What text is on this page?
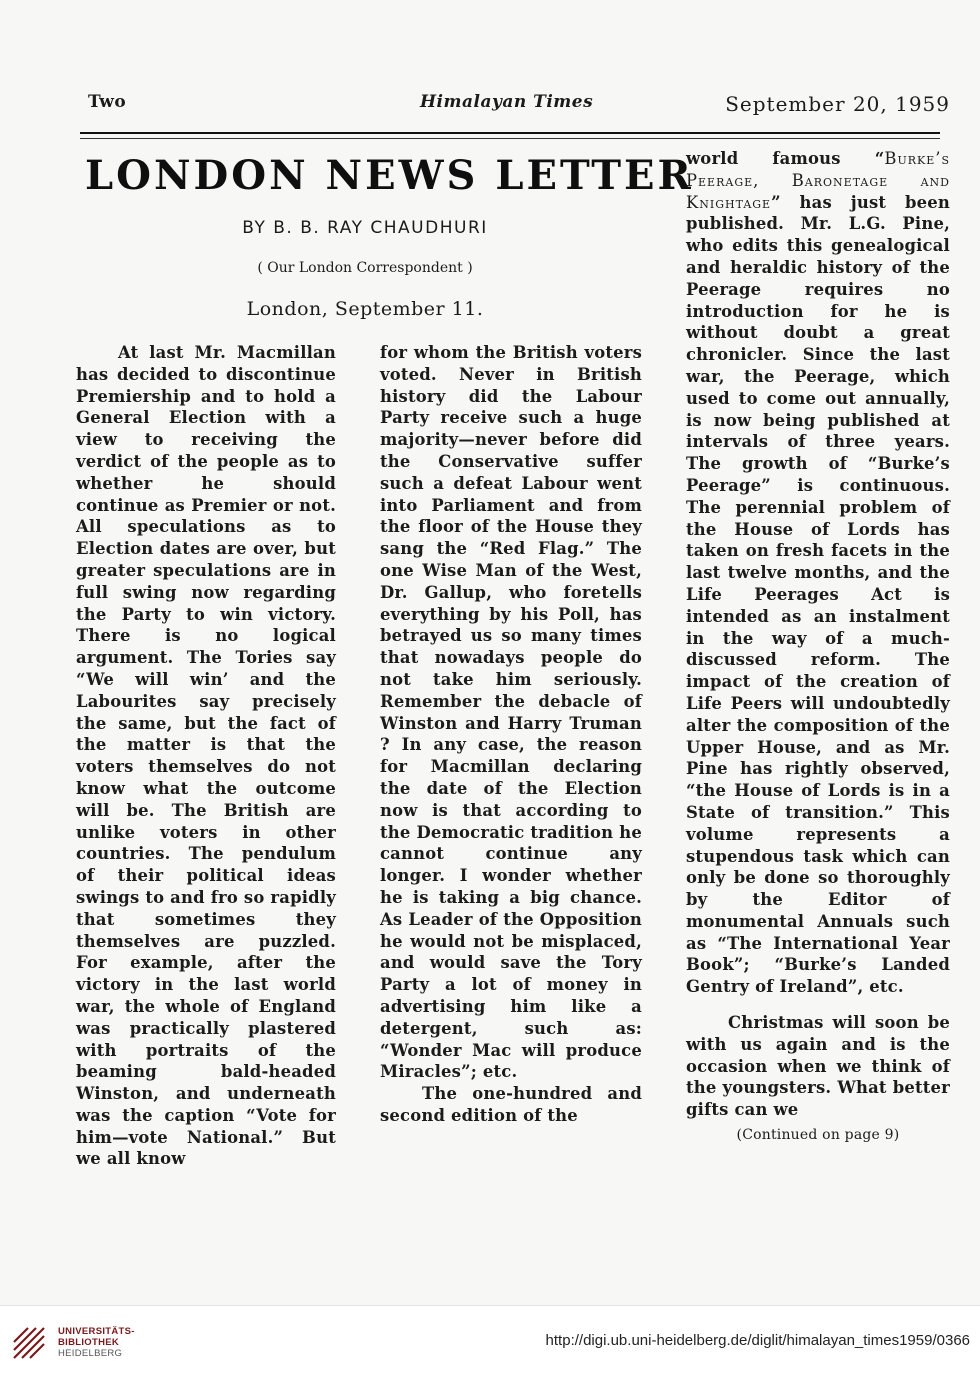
Two	Himalayan Times	September 20, 1959
LONDON NEWS LETTER
BY B. B. RAY CHAUDHURI
( Our London Correspondent )
London, September 11.

At last Mr. Macmillan has decided to discontinue Premiership and to hold a General Election with a view to receiving the verdict of the people as to whether he should continue as Premier or not. All speculations as to Election dates are over, but greater speculations are in full swing now regarding the Party to win victory. There is no logical argument. The Tories say “We will win’ and the Labourites say precisely the same, but the fact of the matter is that the voters themselves do not know what the outcome will be. The British are unlike voters in other countries. The pendulum of their political ideas swings to and fro so rapidly that sometimes they themselves are puzzled. For example, after the victory in the last world war, the whole of England was practically plastered with portraits of the beaming bald-headed Winston, and underneath was the caption “Vote for him—vote National.” But we all know

for whom the British voters voted. Never in British history did the Labour Party receive such a huge majority—never before did the Conservative suffer such a defeat Labour went into Parliament and from the floor of the House they sang the “Red Flag.” The one Wise Man of the West, Dr. Gallup, who foretells everything by his Poll, has betrayed us so many times that nowadays people do not take him seriously. Remember the debacle of Winston and Harry Truman ? In any case, the reason for Macmillan declaring the date of the Election now is that according to the Democratic tradition he cannot continue any longer. I wonder whether he is taking a big chance. As Leader of the Opposition he would not be misplaced, and would save the Tory Party a lot of money in advertising him like a detergent, such as: “Wonder Mac will produce Miracles”; etc.

The one-hundred and second edition of the

world famous “Burke’s Peerage, Baronetage and Knightage” has just been published. Mr. L.G. Pine, who edits this genealogical and heraldic history of the Peerage requires no introduction for he is without doubt a great chronicler. Since the last war, the Peerage, which used to come out annually, is now being published at intervals of three years. The growth of “Burke’s Peerage” is continuous. The perennial problem of the House of Lords has taken on fresh facets in the last twelve months, and the Life Peerages Act is intended as an instalment in the way of a much-discussed reform. The impact of the creation of Life Peers will undoubtedly alter the composition of the Upper House, and as Mr. Pine has rightly observed, “the House of Lords is in a State of transition.” This volume represents a stupendous task which can only be done so thoroughly by the Editor of monumental Annuals such as “The International Year Book”; “Burke’s Landed Gentry of Ireland”, etc.

Christmas will soon be with us again and is the occasion when we think of the youngsters. What better gifts can we

(Continued on page 9)
UNIVERSITÄTS-
BIBLIOTHEK
HEIDELBERG
http://digi.ub.uni-heidelberg.de/diglit/himalayan_times1959/0366
